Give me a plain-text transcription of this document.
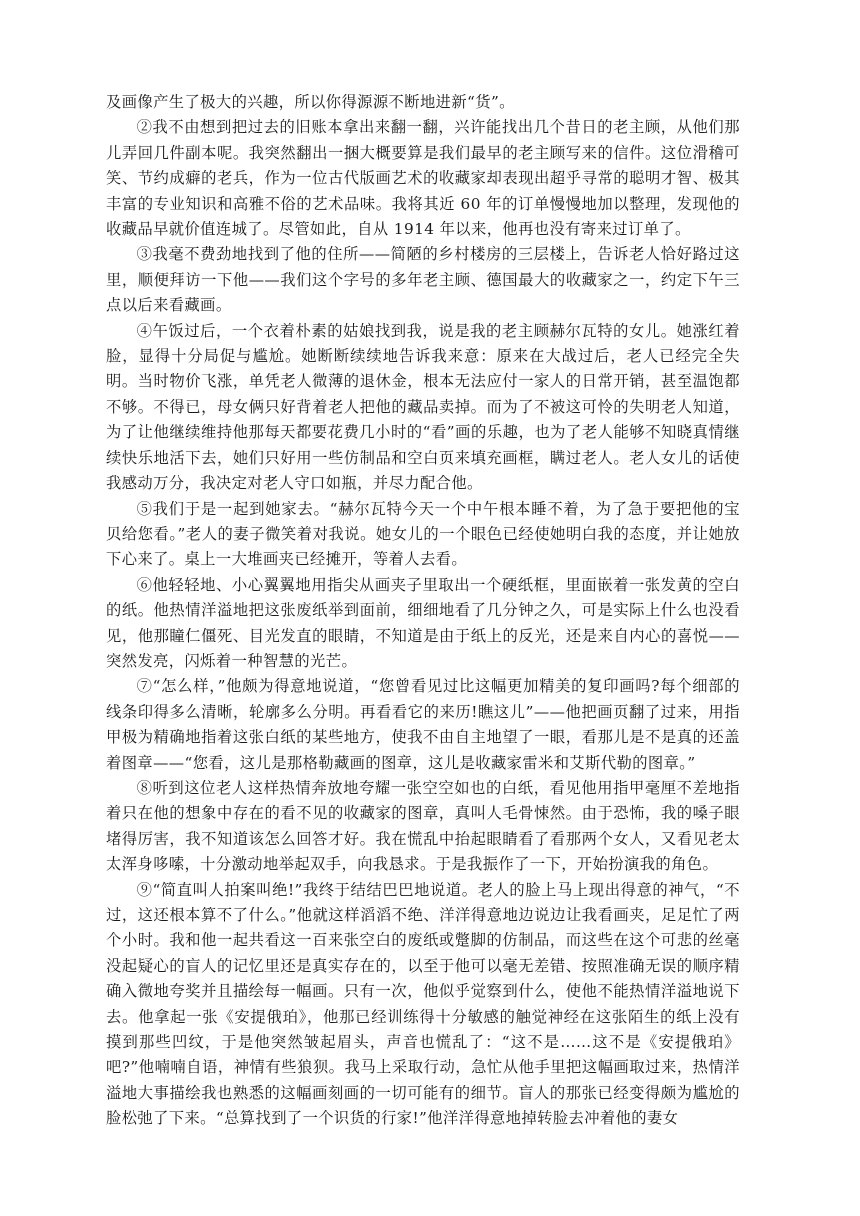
及画像产生了极大的兴趣，所以你得源源不断地进新“货”。

②我不由想到把过去的旧账本拿出来翻一翻，兴许能找出几个昔日的老主顾，从他们那儿弄回几件副本呢。我突然翻出一捆大概要算是我们最早的老主顾写来的信件。这位滑稽可笑、节约成癖的老兵，作为一位古代版画艺术的收藏家却表现出超乎寻常的聪明才智、极其丰富的专业知识和高雅不俗的艺术品味。我将其近 60 年的订单慢慢地加以整理，发现他的收藏品早就价值连城了。尽管如此，自从 1914 年以来，他再也没有寄来过订单了。

③我毫不费劲地找到了他的住所——简陋的乡村楼房的三层楼上，告诉老人恰好路过这里，顺便拜访一下他——我们这个字号的多年老主顾、德国最大的收藏家之一，约定下午三点以后来看藏画。

④午饭过后，一个衣着朴素的姑娘找到我，说是我的老主顾赫尔瓦特的女儿。她涨红着脸，显得十分局促与尴尬。她断断续续地告诉我来意：原来在大战过后，老人已经完全失明。当时物价飞涨，单凭老人微薄的退休金，根本无法应付一家人的日常开销，甚至温饱都不够。不得已，母女俩只好背着老人把他的藏品卖掉。而为了不被这可怜的失明老人知道，为了让他继续维持他那每天都要花费几小时的“看”画的乐趣，也为了老人能够不知晓真情继续快乐地活下去，她们只好用一些仿制品和空白页来填充画框，瞒过老人。老人女儿的话使我感动万分，我决定对老人守口如瓶，并尽力配合他。

⑤我们于是一起到她家去。“赫尔瓦特今天一个中午根本睡不着，为了急于要把他的宝贝给您看。”老人的妻子微笑着对我说。她女儿的一个眼色已经使她明白我的态度，并让她放下心来了。桌上一大堆画夹已经摊开，等着人去看。

⑥他轻轻地、小心翼翼地用指尖从画夹子里取出一个硬纸框，里面嵌着一张发黄的空白的纸。他热情洋溢地把这张废纸举到面前，细细地看了几分钟之久，可是实际上什么也没看见，他那瞳仁僵死、目光发直的眼睛，不知道是由于纸上的反光，还是来自内心的喜悦——突然发亮，闪烁着一种智慧的光芒。

⑦“怎么样，”他颇为得意地说道，“您曾看见过比这幅更加精美的复印画吗?每个细部的线条印得多么清晰，轮廓多么分明。再看看它的来历!瞧这儿”——他把画页翻了过来，用指甲极为精确地指着这张白纸的某些地方，使我不由自主地望了一眼，看那儿是不是真的还盖着图章——“您看，这儿是那格勒藏画的图章，这儿是收藏家雷米和艾斯代勒的图章。”

⑧听到这位老人这样热情奔放地夸耀一张空空如也的白纸，看见他用指甲毫厘不差地指着只在他的想象中存在的看不见的收藏家的图章，真叫人毛骨悚然。由于恐怖，我的嗓子眼堵得厉害，我不知道该怎么回答才好。我在慌乱中抬起眼睛看了看那两个女人，又看见老太太浑身哆嗦，十分激动地举起双手，向我恳求。于是我振作了一下，开始扮演我的角色。

⑨“简直叫人拍案叫绝!”我终于结结巴巴地说道。老人的脸上马上现出得意的神气，“不过，这还根本算不了什么。”他就这样滔滔不绝、洋洋得意地边说边让我看画夹，足足忙了两个小时。我和他一起共看这一百来张空白的废纸或蹩脚的仿制品，而这些在这个可悲的丝毫没起疑心的盲人的记忆里还是真实存在的，以至于他可以毫无差错、按照准确无误的顺序精确入微地夸奖并且描绘每一幅画。只有一次，他似乎觉察到什么，使他不能热情洋溢地说下去。他拿起一张《安提俄珀》，他那已经训练得十分敏感的触觉神经在这张陌生的纸上没有摸到那些凹纹，于是他突然皱起眉头，声音也慌乱了：“这不是……这不是《安提俄珀》吧?”他喃喃自语，神情有些狼狈。我马上采取行动，急忙从他手里把这幅画取过来，热情洋溢地大事描绘我也熟悉的这幅画刻画的一切可能有的细节。盲人的那张已经变得颇为尴尬的脸松弛了下来。“总算找到了一个识货的行家!”他洋洋得意地掉转脸去冲着他的妻女
